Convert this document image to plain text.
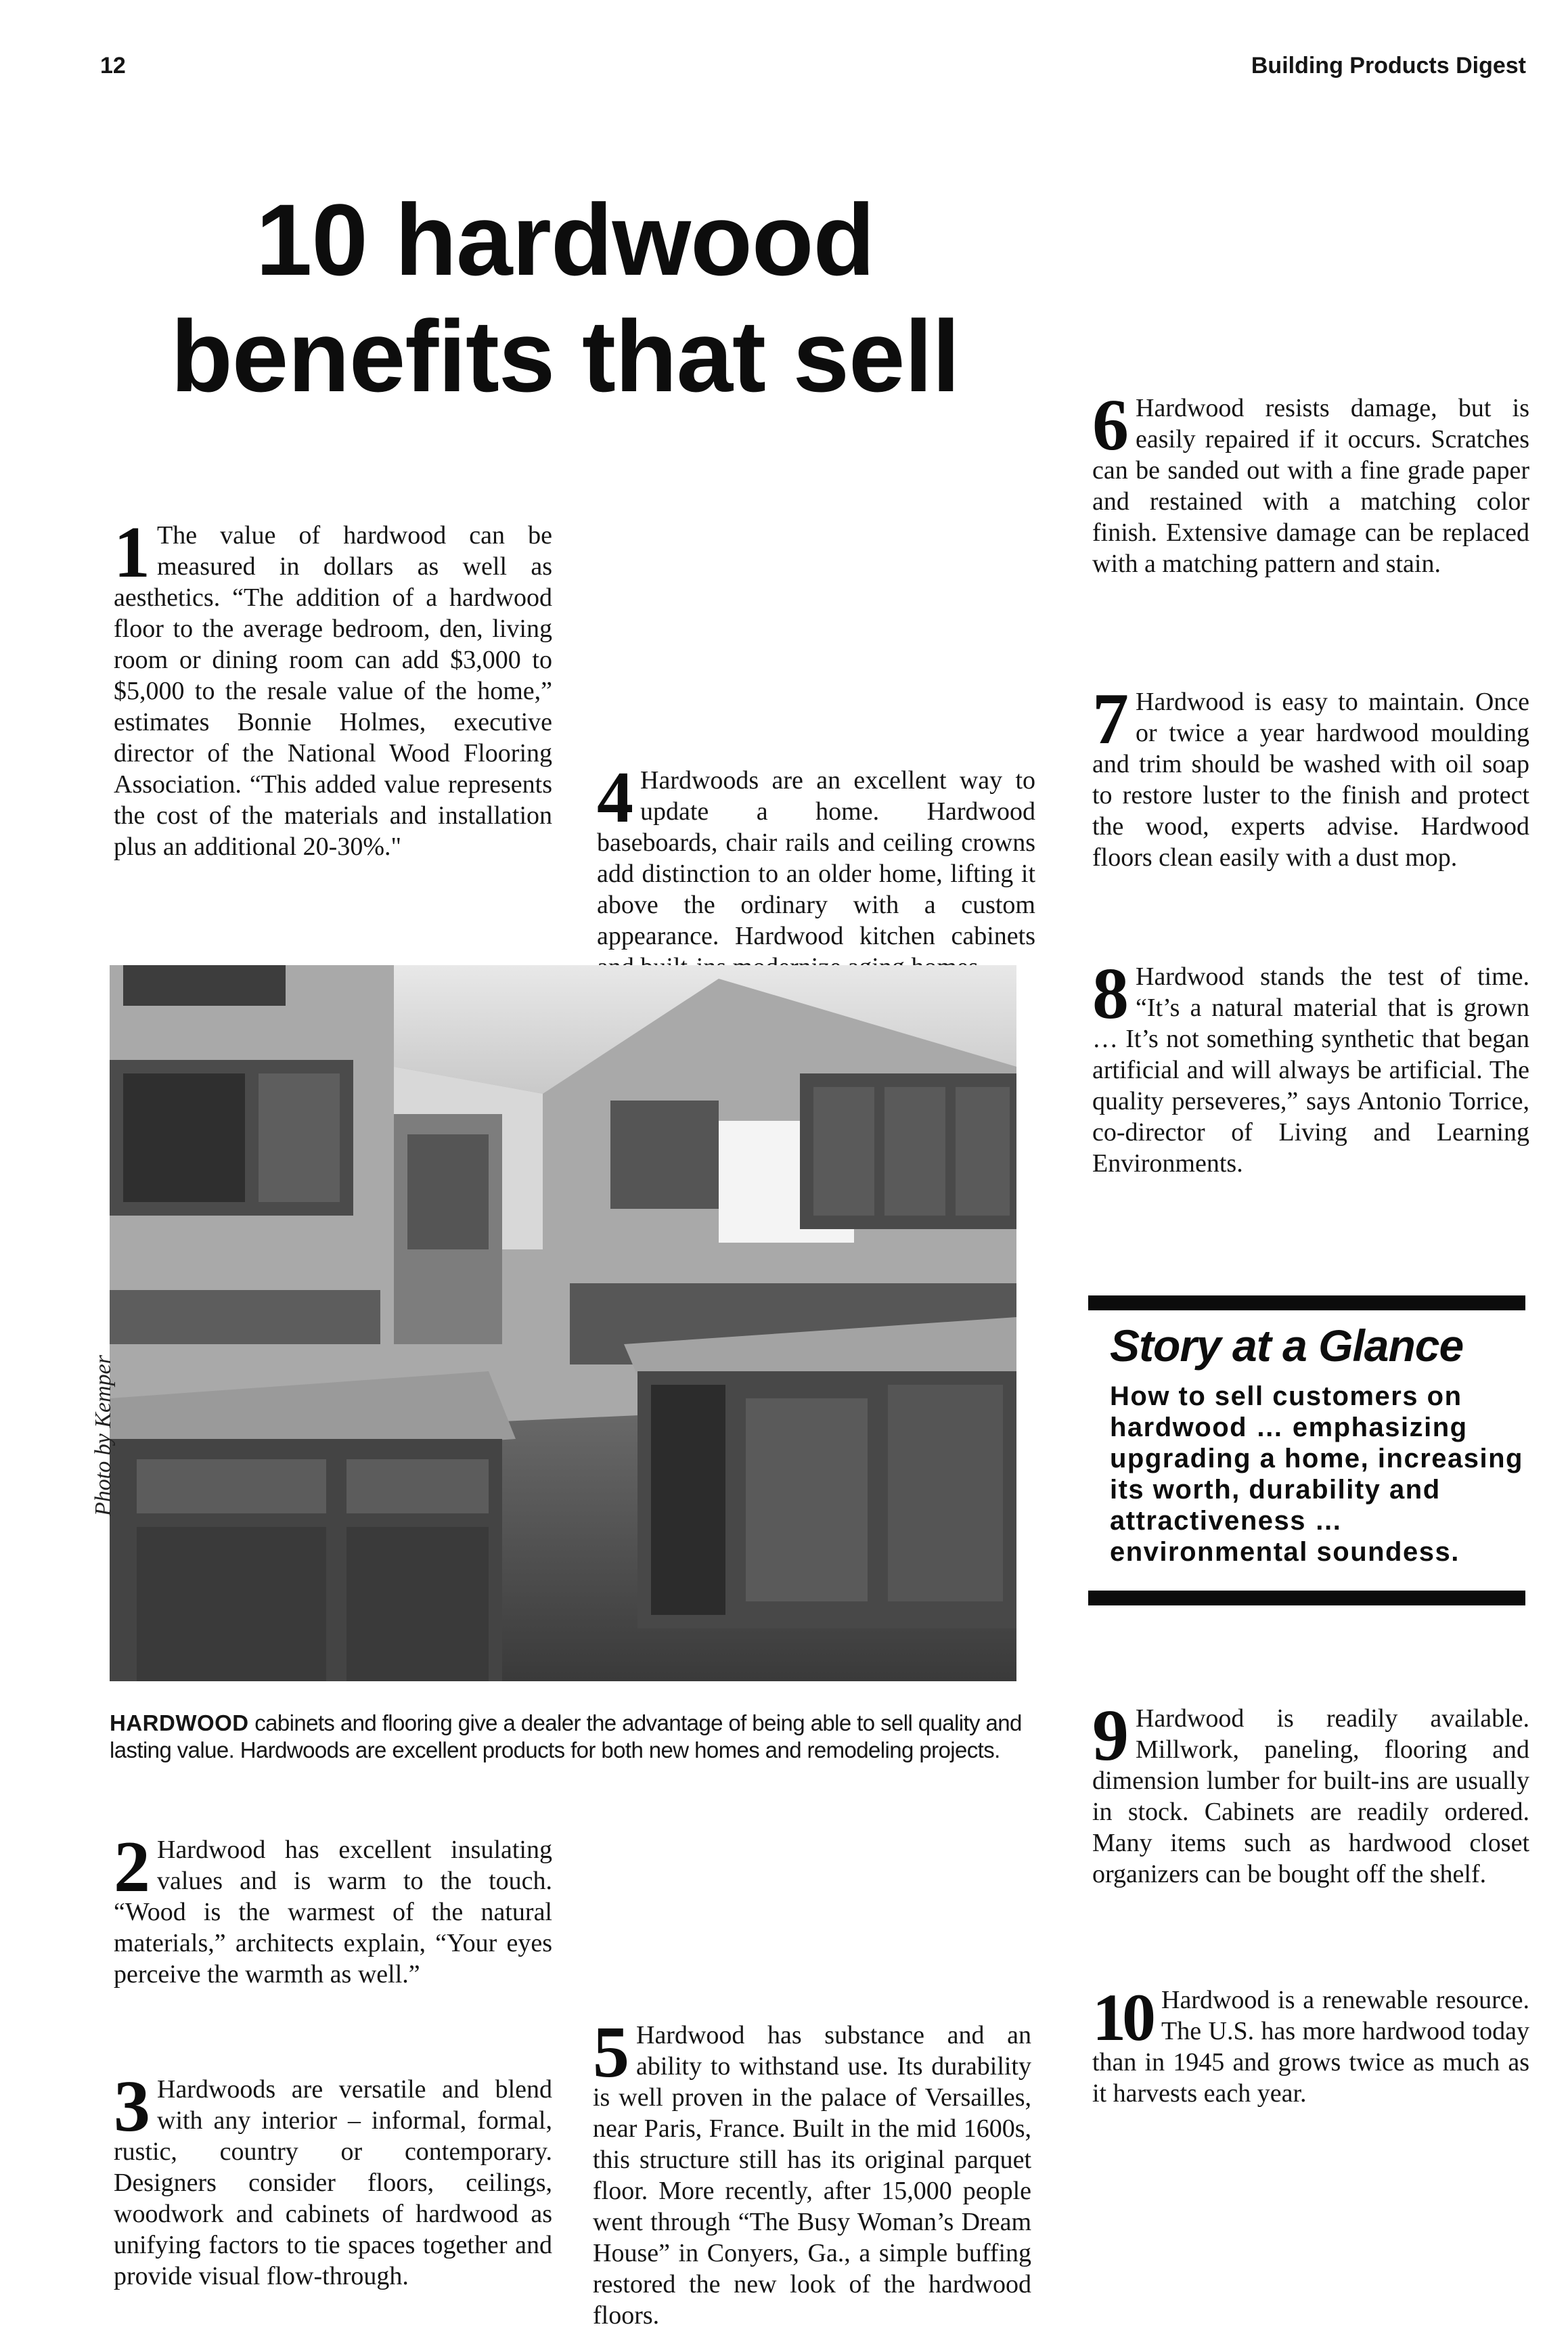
12	Building Products Digest
10 hardwood
benefits that sell

1 The value of hardwood can be measured in dollars as well as aesthetics. “The addition of a hardwood floor to the average bedroom, den, living room or dining room can add $3,000 to $5,000 to the resale value of the home,” estimates Bonnie Holmes, executive director of the National Wood Flooring Association. “This added value represents the cost of the materials and installation plus an additional 20-30%."

4 Hardwoods are an excellent way to update a home. Hardwood baseboards, chair rails and ceiling crowns add distinction to an older home, lifting it above the ordinary with a custom appearance. Hardwood kitchen cabinets

Photo by Kemper
HARDWOOD cabinets and flooring give a dealer the advantage of being able to sell quality and lasting value. Hardwoods are excellent products for both new homes and remodeling projects.

2 Hardwood has excellent insulating values and is warm to the touch. “Wood is the warmest of the natural materials,” architects explain, “Your eyes perceive the warmth as well.”

3 Hardwoods are versatile and blend with any interior – informal, formal, rustic, country or contemporary. Designers consider floors, ceilings, woodwork and cabinets of hardwood as unifying factors to tie spaces together and provide visual flow-through.

5 Hardwood has substance and an ability to withstand use. Its durability is well proven in the palace of Versailles, near Paris, France. Built in the mid 1600s, this structure still has its original parquet floor. More recently, after 15,000 people went through “The Busy Woman’s Dream House” in Conyers, Ga., a simple buffing restored the new look of the hardwood floors.

6 Hardwood resists damage, but is easily repaired if it occurs. Scratches can be sanded out with a fine grade paper and restained with a matching color finish. Extensive damage can be replaced with a matching pattern and stain.

7 Hardwood is easy to maintain. Once or twice a year hardwood moulding and trim should be washed with oil soap to restore luster to the finish and protect the wood, experts advise. Hardwood floors clean easily with a dust mop.

8 Hardwood stands the test of time. “It’s a natural material that is grown … It’s not something synthetic that began artificial and will always be artificial. The quality perseveres,” says Antonio Torrice, co-director of Living and Learning Environments.

Story at a Glance
How to sell customers on hardwood … emphasizing upgrading a home, increasing its worth, durability and attractiveness … environmental soundess.

9 Hardwood is readily available. Millwork, paneling, flooring and dimension lumber for built-ins are usually in stock. Cabinets are readily ordered. Many items such as hardwood closet organizers can be bought off the shelf.

10 Hardwood is a renewable resource. The U.S. has more hardwood today than in 1945 and grows twice as much as it harvests each year.
